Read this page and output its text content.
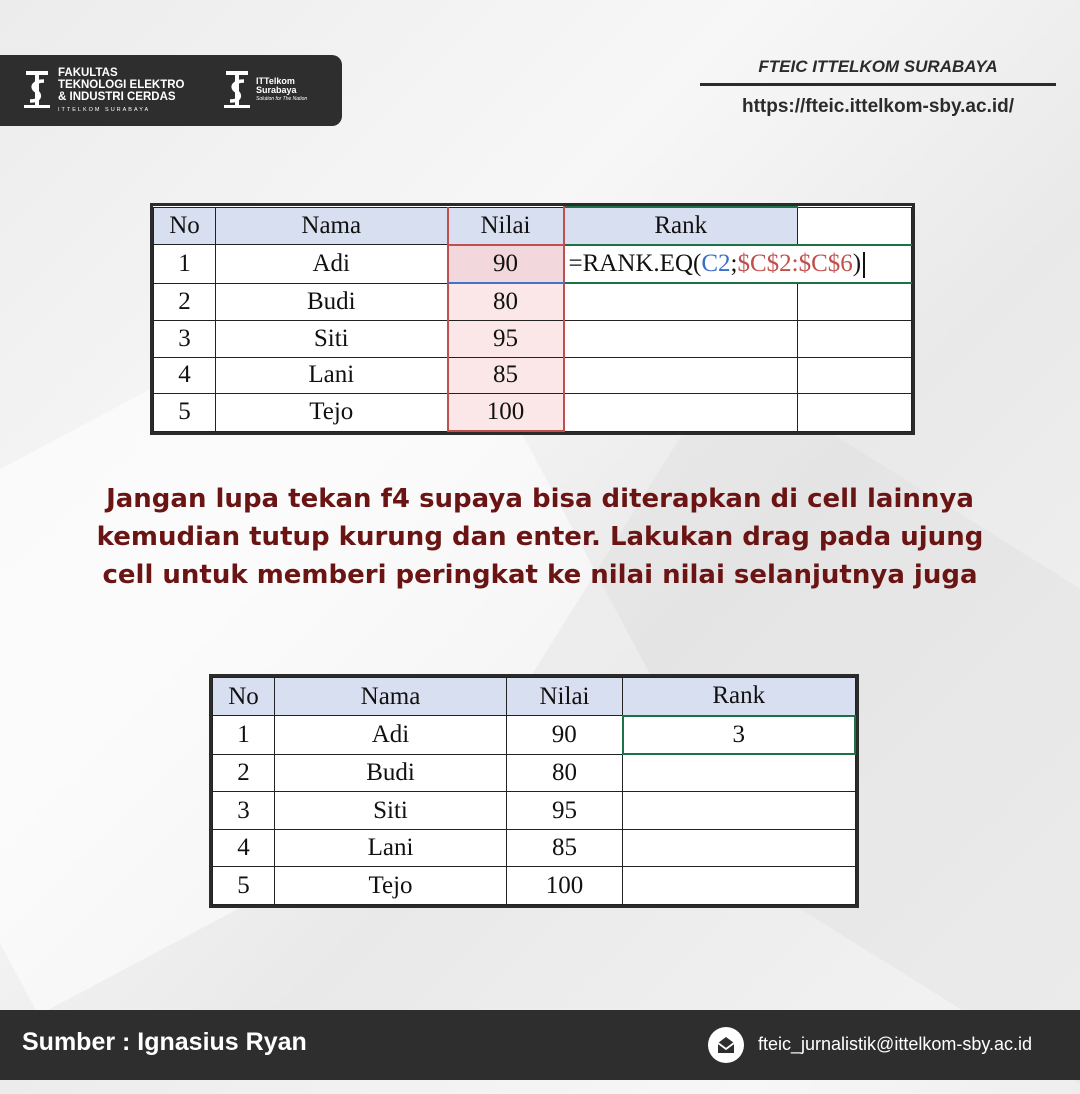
FAKULTAS
TEKNOLOGI ELEKTRO
& INDUSTRI CERDAS
ITTELKOM SURABAYA
ITTelkom
Surabaya
Solution for The Nation
FTEIC ITTELKOM SURABAYA
https://fteic.ittelkom-sby.ac.id/
No	Nama	Nilai	Rank	
1	Adi	90	=RANK.EQ(C2;$C$2:$C$6)	
2	Budi	80		
3	Siti	95		
4	Lani	85		
5	Tejo	100		
Jangan lupa tekan f4 supaya bisa diterapkan di cell lainnya kemudian tutup kurung dan enter. Lakukan drag pada ujung cell untuk memberi peringkat ke nilai nilai selanjutnya juga
No	Nama	Nilai	Rank
1	Adi	90	3
2	Budi	80	
3	Siti	95	
4	Lani	85	
5	Tejo	100	
Sumber : Ignasius Ryan	fteic_jurnalistik@ittelkom-sby.ac.id
